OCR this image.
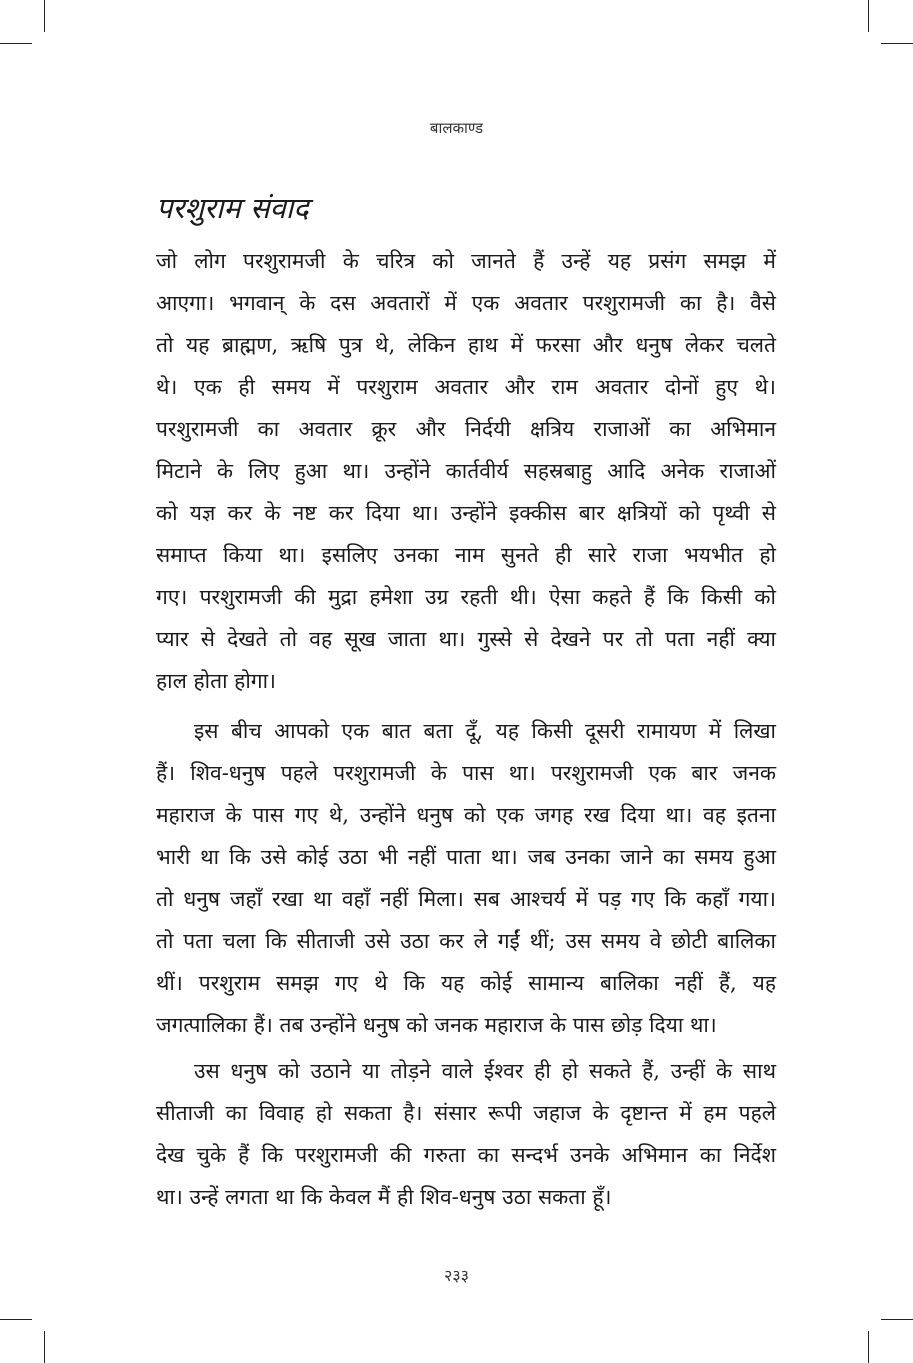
बालकाण्ड
परशुराम संवाद
जो लोग परशुरामजी के चरित्र को जानते हैं उन्हें यह प्रसंग समझ में
आएगा। भगवान् के दस अवतारों में एक अवतार परशुरामजी का है। वैसे
तो यह ब्राह्मण, ऋषि पुत्र थे, लेकिन हाथ में फरसा और धनुष लेकर चलते
थे। एक ही समय में परशुराम अवतार और राम अवतार दोनों हुए थे।
परशुरामजी का अवतार क्रूर और निर्दयी क्षत्रिय राजाओं का अभिमान
मिटाने के लिए हुआ था। उन्होंने कार्तवीर्य सहस्रबाहु आदि अनेक राजाओं
को यज्ञ कर के नष्ट कर दिया था। उन्होंने इक्कीस बार क्षत्रियों को पृथ्वी से
समाप्त किया था। इसलिए उनका नाम सुनते ही सारे राजा भयभीत हो
गए। परशुरामजी की मुद्रा हमेशा उग्र रहती थी। ऐसा कहते हैं कि किसी को
प्यार से देखते तो वह सूख जाता था। गुस्से से देखने पर तो पता नहीं क्या
हाल होता होगा।
इस बीच आपको एक बात बता दूँ, यह किसी दूसरी रामायण में लिखा
हैं। शिव-धनुष पहले परशुरामजी के पास था। परशुरामजी एक बार जनक
महाराज के पास गए थे, उन्होंने धनुष को एक जगह रख दिया था। वह इतना
भारी था कि उसे कोई उठा भी नहीं पाता था। जब उनका जाने का समय हुआ
तो धनुष जहाँ रखा था वहाँ नहीं मिला। सब आश्चर्य में पड़ गए कि कहाँ गया।
तो पता चला कि सीताजी उसे उठा कर ले गईं थीं; उस समय वे छोटी बालिका
थीं। परशुराम समझ गए थे कि यह कोई सामान्य बालिका नहीं हैं, यह
जगत्पालिका हैं। तब उन्होंने धनुष को जनक महाराज के पास छोड़ दिया था।
उस धनुष को उठाने या तोड़ने वाले ईश्वर ही हो सकते हैं, उन्हीं के साथ
सीताजी का विवाह हो सकता है। संसार रूपी जहाज के दृष्टान्त में हम पहले
देख चुके हैं कि परशुरामजी की गरुता का सन्दर्भ उनके अभिमान का निर्देश
था। उन्हें लगता था कि केवल मैं ही शिव-धनुष उठा सकता हूँ।
२३३
